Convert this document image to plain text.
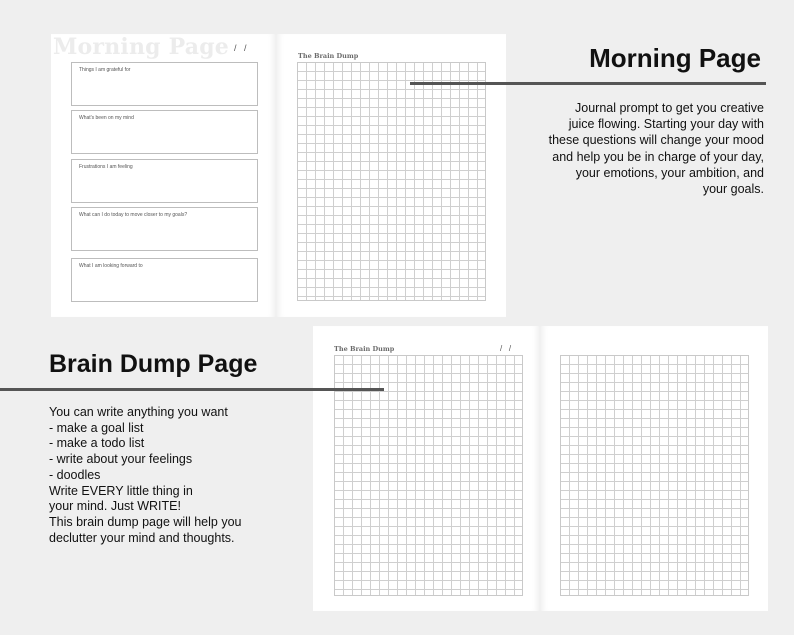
Morning Page /   /
Things I am grateful for
What's been on my mind
Frustrations I am feeling
What can I do today to move closer to my goals?
What I am looking forward to
The Brain Dump	Morning Page
Journal prompt to get you creative
juice flowing. Starting your day with
these questions will change your mood
and help you be in charge of your day,
your emotions, your ambition, and
your goals.
The Brain Dump	/   /
Brain Dump Page
You can write anything you want
- make a goal list
- make a todo list
- write about your feelings
- doodles
Write EVERY little thing in
your mind. Just WRITE!
This brain dump page will help you
declutter your mind and thoughts.
